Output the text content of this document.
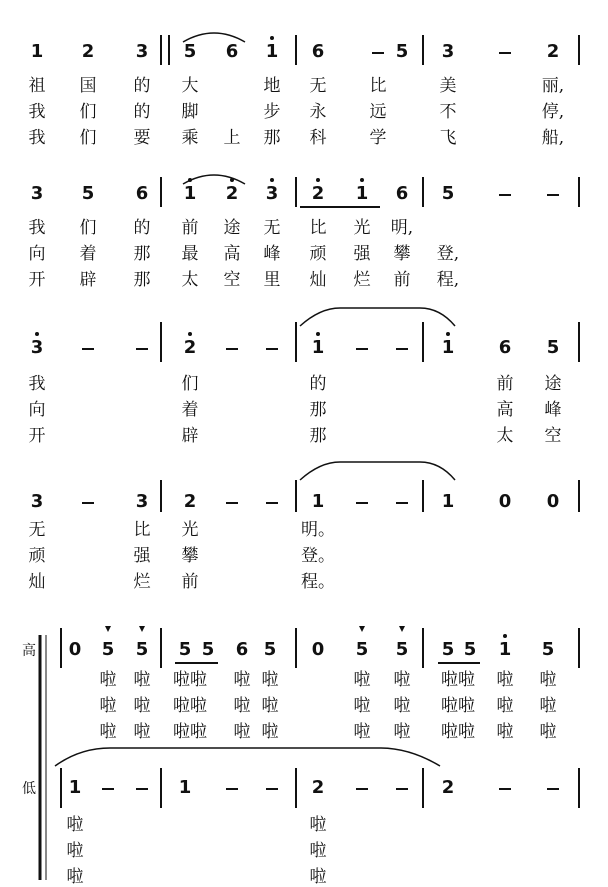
1 2 3 5 6 1 6	5 3	2
祖 国 的 大	地 无	比	美	丽,
我 们 的 脚	步 永	远	不	停,
我 们 要 乘 上 那 科	学	飞	船,
3 5 6 1 2 3 2 1 6 5
我 们 的 前 途 无 比 光 明,
向 着 那 最 高 峰 顽 强 攀 登,
开 辟 那 太 空 里 灿 烂 前 程,
3	2	1	1 6 5
我	们	的	前 途
向	着	那	高 峰
开	辟	那	太 空
3	3 2	1	1 0 0
无	比 光	明。
顽	强 攀	登。
灿	烂 前	程。
高
低
0 5 5 5 5 6 5 0 5 5 5 5 1 5
啦 啦 啦啦 啦 啦	啦 啦 啦啦 啦 啦
啦 啦 啦啦 啦 啦	啦 啦 啦啦 啦 啦
啦 啦 啦啦 啦 啦	啦 啦 啦啦 啦 啦
1	1	2	2
啦	啦
啦	啦
啦	啦
